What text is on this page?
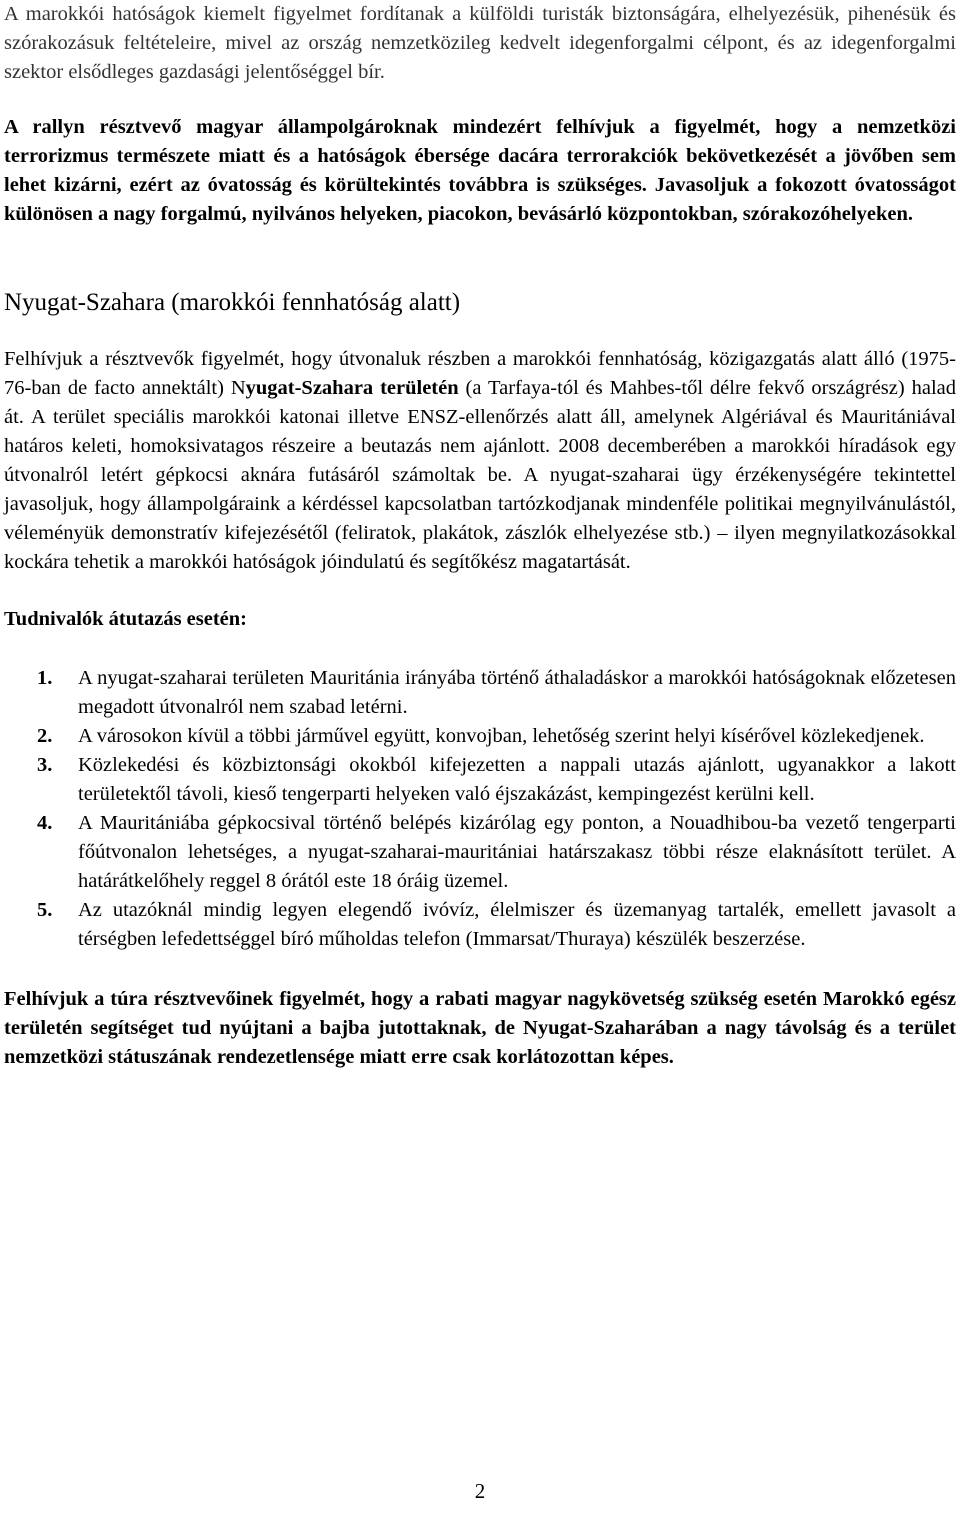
A marokkói hatóságok kiemelt figyelmet fordítanak a külföldi turisták biztonságára, elhelyezésük, pihenésük és szórakozásuk feltételeire, mivel az ország nemzetközileg kedvelt idegenforgalmi célpont, és az idegenforgalmi szektor elsődleges gazdasági jelentőséggel bír.

A rallyn résztvevő magyar állampolgároknak mindezért felhívjuk a figyelmét, hogy a nemzetközi terrorizmus természete miatt és a hatóságok ébersége dacára terrorakciók bekövetkezését a jövőben sem lehet kizárni, ezért az óvatosság és körültekintés továbbra is szükséges. Javasoljuk a fokozott óvatosságot különösen a nagy forgalmú, nyilvános helyeken, piacokon, bevásárló központokban, szórakozóhelyeken.

Nyugat-Szahara (marokkói fennhatóság alatt)

Felhívjuk a résztvevők figyelmét, hogy útvonaluk részben a marokkói fennhatóság, közigazgatás alatt álló (1975-76-ban de facto annektált) Nyugat-Szahara területén (a Tarfaya-tól és Mahbes-től délre fekvő országrész) halad át. A terület speciális marokkói katonai illetve ENSZ-ellenőrzés alatt áll, amelynek Algériával és Mauritániával határos keleti, homoksivatagos részeire a beutazás nem ajánlott. 2008 decemberében a marokkói híradások egy útvonalról letért gépkocsi aknára futásáról számoltak be. A nyugat-szaharai ügy érzékenységére tekintettel javasoljuk, hogy állampolgáraink a kérdéssel kapcsolatban tartózkodjanak mindenféle politikai megnyilvánulástól, véleményük demonstratív kifejezésétől (feliratok, plakátok, zászlók elhelyezése stb.) – ilyen megnyilatkozásokkal kockára tehetik a marokkói hatóságok jóindulatú és segítőkész magatartását.

Tudnivalók átutazás esetén:
1. A nyugat-szaharai területen Mauritánia irányába történő áthaladáskor a marokkói hatóságoknak előzetesen megadott útvonalról nem szabad letérni.

2. A városokon kívül a többi járművel együtt, konvojban, lehetőség szerint helyi kísérővel közlekedjenek.

3. Közlekedési és közbiztonsági okokból kifejezetten a nappali utazás ajánlott, ugyanakkor a lakott területektől távoli, kieső tengerparti helyeken való éjszakázást, kempingezést kerülni kell.

4. A Mauritániába gépkocsival történő belépés kizárólag egy ponton, a Nouadhibou-ba vezető tengerparti főútvonalon lehetséges, a nyugat-szaharai-mauritániai határszakasz többi része elaknásított terület. A határátkelőhely reggel 8 órától este 18 óráig üzemel.

5. Az utazóknál mindig legyen elegendő ivóvíz, élelmiszer és üzemanyag tartalék, emellett javasolt a térségben lefedettséggel bíró műholdas telefon (Immarsat/Thuraya) készülék beszerzése.

Felhívjuk a túra résztvevőinek figyelmét, hogy a rabati magyar nagykövetség szükség esetén Marokkó egész területén segítséget tud nyújtani a bajba jutottaknak, de Nyugat-Szaharában a nagy távolság és a terület nemzetközi státuszának rendezetlensége miatt erre csak korlátozottan képes.

2
